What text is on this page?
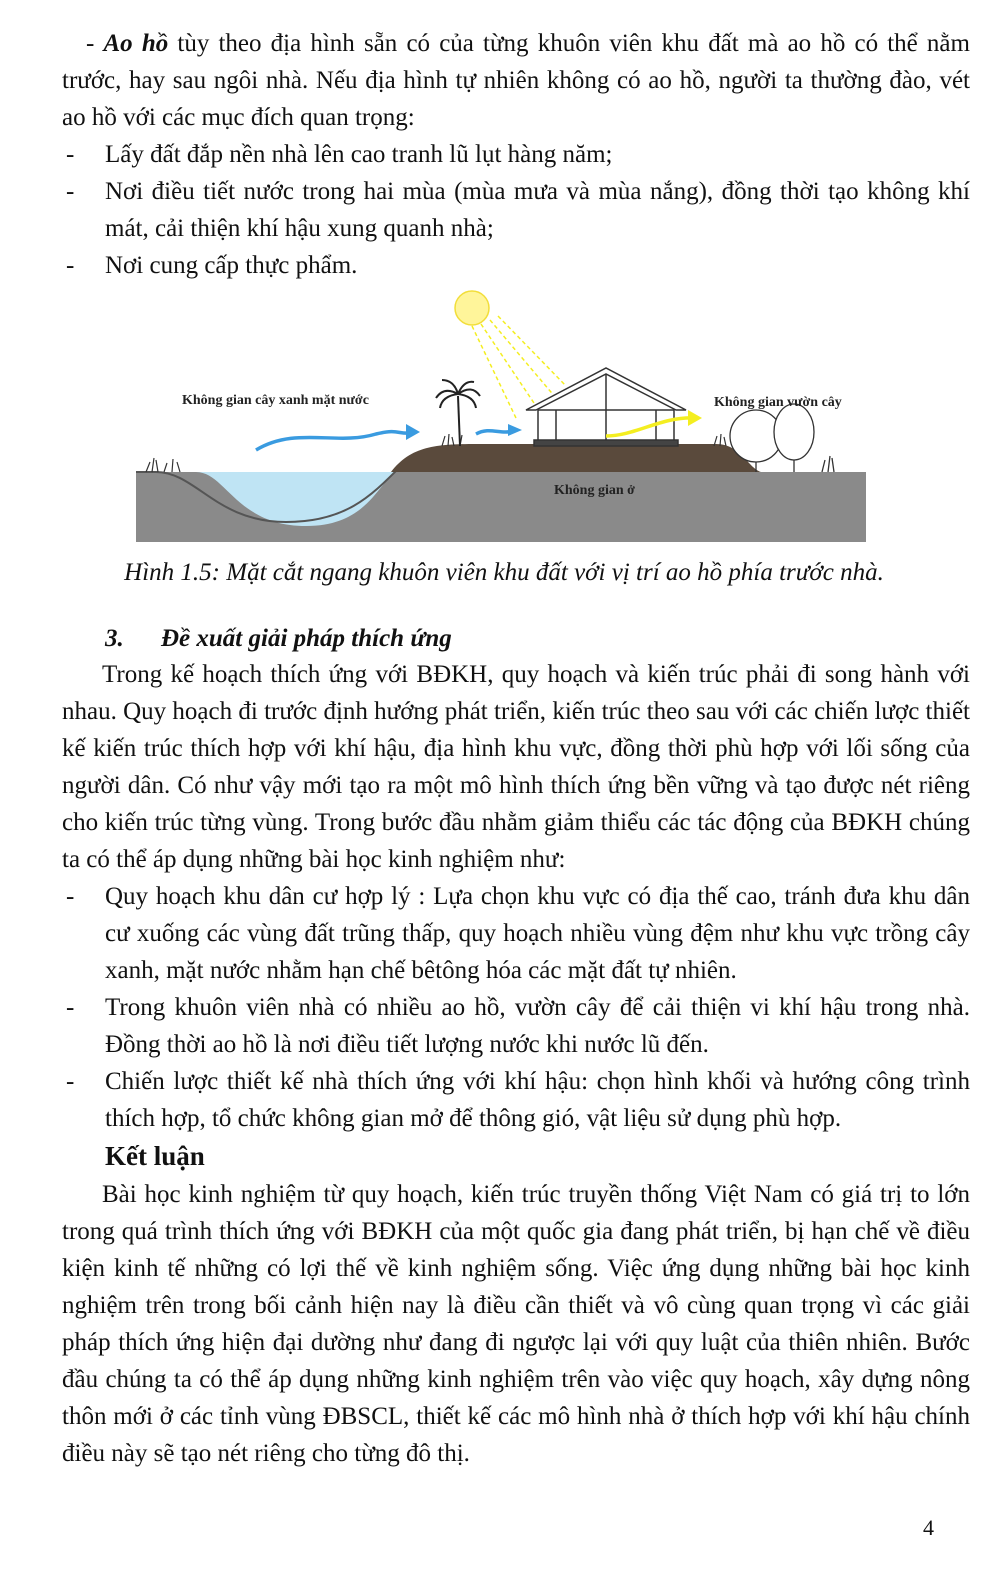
- Ao hồ tùy theo địa hình sẵn có của từng khuôn viên khu đất mà ao hồ có thể nằm trước, hay sau ngôi nhà. Nếu địa hình tự nhiên không có ao hồ, người ta thường đào, vét ao hồ với các mục đích quan trọng:
- Lấy đất đắp nền nhà lên cao tranh lũ lụt hàng năm;
- Nơi điều tiết nước trong hai mùa (mùa mưa và mùa nắng), đồng thời tạo không khí mát, cải thiện khí hậu xung quanh nhà;
- Nơi cung cấp thực phẩm.
Không gian cây xanh mặt nước	Không gian vườn cây
Không gian ở
Hình 1.5: Mặt cắt ngang khuôn viên khu đất với vị trí ao hồ phía trước nhà.
3. Đề xuất giải pháp thích ứng
Trong kế hoạch thích ứng với BĐKH, quy hoạch và kiến trúc phải đi song hành với nhau. Quy hoạch đi trước định hướng phát triển, kiến trúc theo sau với các chiến lược thiết kế kiến trúc thích hợp với khí hậu, địa hình khu vực, đồng thời phù hợp với lối sống của người dân. Có như vậy mới tạo ra một mô hình thích ứng bền vững và tạo được nét riêng cho kiến trúc từng vùng. Trong bước đầu nhằm giảm thiểu các tác động của BĐKH chúng ta có thể áp dụng những bài học kinh nghiệm như:
- Quy hoạch khu dân cư hợp lý : Lựa chọn khu vực có địa thế cao, tránh đưa khu dân cư xuống các vùng đất trũng thấp, quy hoạch nhiều vùng đệm như khu vực trồng cây xanh, mặt nước nhằm hạn chế bêtông hóa các mặt đất tự nhiên.
- Trong khuôn viên nhà có nhiều ao hồ, vườn cây để cải thiện vi khí hậu trong nhà. Đồng thời ao hồ là nơi điều tiết lượng nước khi nước lũ đến.
- Chiến lược thiết kế nhà thích ứng với khí hậu: chọn hình khối và hướng công trình thích hợp, tổ chức không gian mở để thông gió, vật liệu sử dụng phù hợp.
Kết luận
Bài học kinh nghiệm từ quy hoạch, kiến trúc truyền thống Việt Nam có giá trị to lớn trong quá trình thích ứng với BĐKH của một quốc gia đang phát triển, bị hạn chế về điều kiện kinh tế những có lợi thế về kinh nghiệm sống. Việc ứng dụng những bài học kinh nghiệm trên trong bối cảnh hiện nay là điều cần thiết và vô cùng quan trọng vì các giải pháp thích ứng hiện đại dường như đang đi ngược lại với quy luật của thiên nhiên. Bước đầu chúng ta có thể áp dụng những kinh nghiệm trên vào việc quy hoạch, xây dựng nông thôn mới ở các tỉnh vùng ĐBSCL, thiết kế các mô hình nhà ở thích hợp với khí hậu chính điều này sẽ tạo nét riêng cho từng đô thị.
4
